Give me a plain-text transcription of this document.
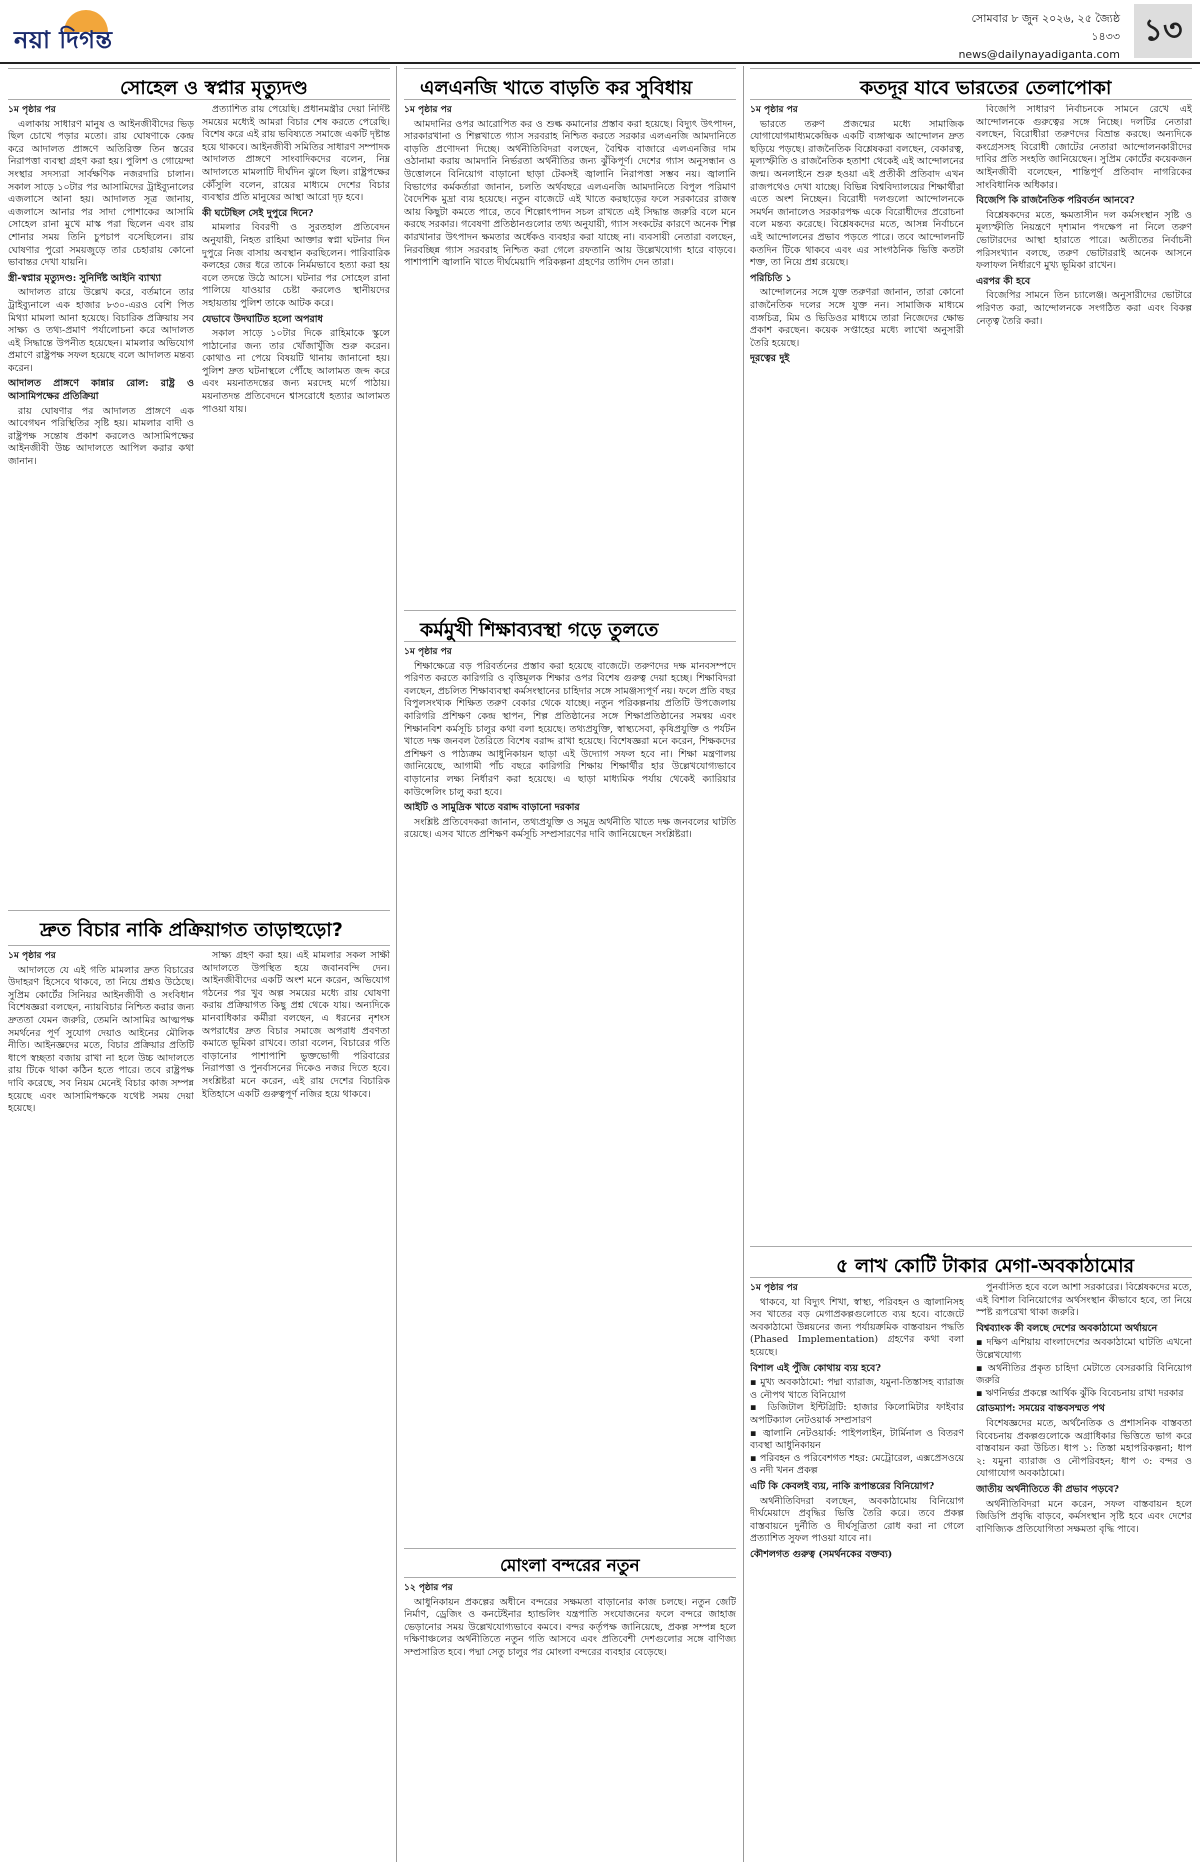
নয়া দিগন্ত
সোমবার ৮ জুন ২০২৬, ২৫ জ্যৈষ্ঠ ১৪৩৩
news@dailynayadiganta.com
১৩
সোহেল ও স্বপ্নার মৃত্যুদণ্ড
১ম পৃষ্ঠার পর

এলাকায় সাধারণ মানুষ ও আইনজীবীদের ভিড় ছিল চোখে পড়ার মতো। রায় ঘোষণাকে কেন্দ্র করে আদালত প্রাঙ্গণে অতিরিক্ত তিন স্তরের নিরাপত্তা ব্যবস্থা গ্রহণ করা হয়। পুলিশ ও গোয়েন্দা সংস্থার সদস্যরা সার্বক্ষণিক নজরদারি চালান। সকাল সাড়ে ১০টার পর আসামিদের ট্রাইব্যুনালের এজলাসে আনা হয়। আদালত সূত্র জানায়, এজলাসে আনার পর সাদা পোশাকের আসামি সোহেল রানা মুখে মাস্ক পরা ছিলেন এবং রায় শোনার সময় তিনি চুপচাপ বসেছিলেন। রায় ঘোষণার পুরো সময়জুড়ে তার চেহারায় কোনো ভাবান্তর দেখা যায়নি।

স্ত্রী-স্বপ্নার মৃত্যুদণ্ড: সুনির্দিষ্ট আইনি ব্যাখ্যা

আদালত রায়ে উল্লেখ করে, বর্তমানে তার ট্রাইব্যুনালে এক হাজার ৮৩০-এরও বেশি পিত মিথ্যা মামলা আনা হয়েছে। বিচারিক প্রক্রিয়ায় সব সাক্ষ্য ও তথ্য-প্রমাণ পর্যালোচনা করে আদালত এই সিদ্ধান্তে উপনীত হয়েছেন। মামলার অভিযোগ প্রমাণে রাষ্ট্রপক্ষ সফল হয়েছে বলে আদালত মন্তব্য করেন।

আদালত প্রাঙ্গণে কান্নার রোল: রাষ্ট্র ও আসামিপক্ষের প্রতিক্রিয়া

রায় ঘোষণার পর আদালত প্রাঙ্গণে এক আবেগঘন পরিস্থিতির সৃষ্টি হয়। মামলার বাদী ও রাষ্ট্রপক্ষ সন্তোষ প্রকাশ করলেও আসামিপক্ষের আইনজীবী উচ্চ আদালতে আপিল করার কথা জানান।

প্রত্যাশিত রায় পেয়েছি। প্রধানমন্ত্রীর দেয়া নির্দিষ্ট সময়ের মধ্যেই আমরা বিচার শেষ করতে পেরেছি। বিশেষ করে এই রায় ভবিষ্যতে সমাজে একটি দৃষ্টান্ত হয়ে থাকবে। আইনজীবী সমিতির সাধারণ সম্পাদক আদালত প্রাঙ্গণে সাংবাদিকদের বলেন, নিম্ন আদালতে মামলাটি দীর্ঘদিন ঝুলে ছিল। রাষ্ট্রপক্ষের কৌঁসুলি বলেন, রায়ের মাধ্যমে দেশের বিচার ব্যবস্থার প্রতি মানুষের আস্থা আরো দৃঢ় হবে।

কী ঘটেছিল সেই দুপুরে দিনে?

মামলার বিবরণী ও সুরতহাল প্রতিবেদন অনুযায়ী, নিহত রাহিমা আক্তার স্বপ্না ঘটনার দিন দুপুরে নিজ বাসায় অবস্থান করছিলেন। পারিবারিক কলহের জের ধরে তাকে নির্মমভাবে হত্যা করা হয় বলে তদন্তে উঠে আসে। ঘটনার পর সোহেল রানা পালিয়ে যাওয়ার চেষ্টা করলেও স্থানীয়দের সহায়তায় পুলিশ তাকে আটক করে।

যেভাবে উদঘাটিত হলো অপরাধ

সকাল সাড়ে ১০টার দিকে রাহিমাকে স্কুলে পাঠানোর জন্য তার খোঁজাখুঁজি শুরু করেন। কোথাও না পেয়ে বিষয়টি থানায় জানানো হয়। পুলিশ দ্রুত ঘটনাস্থলে পৌঁছে আলামত জব্দ করে এবং ময়নাতদন্তের জন্য মরদেহ মর্গে পাঠায়। ময়নাতদন্ত প্রতিবেদনে শ্বাসরোধে হত্যার আলামত পাওয়া যায়।

দ্রুত বিচার নাকি প্রক্রিয়াগত তাড়াহুড়ো?
১ম পৃষ্ঠার পর

আদালতে যে এই গতি মামলার দ্রুত বিচারের উদাহরণ হিসেবে থাকবে, তা নিয়ে প্রশ্নও উঠেছে। সুপ্রিম কোর্টের সিনিয়র আইনজীবী ও সংবিধান বিশেষজ্ঞরা বলছেন, ন্যায়বিচার নিশ্চিত করার জন্য দ্রুততা যেমন জরুরি, তেমনি আসামির আত্মপক্ষ সমর্থনের পূর্ণ সুযোগ দেয়াও আইনের মৌলিক নীতি। আইনজ্ঞদের মতে, বিচার প্রক্রিয়ার প্রতিটি ধাপে স্বচ্ছতা বজায় রাখা না হলে উচ্চ আদালতে রায় টিকে থাকা কঠিন হতে পারে। তবে রাষ্ট্রপক্ষ দাবি করেছে, সব নিয়ম মেনেই বিচার কাজ সম্পন্ন হয়েছে এবং আসামিপক্ষকে যথেষ্ট সময় দেয়া হয়েছে।

সাক্ষ্য গ্রহণ করা হয়। এই মামলার সকল সাক্ষী আদালতে উপস্থিত হয়ে জবানবন্দি দেন। আইনজীবীদের একটি অংশ মনে করেন, অভিযোগ গঠনের পর খুব অল্প সময়ের মধ্যে রায় ঘোষণা করায় প্রক্রিয়াগত কিছু প্রশ্ন থেকে যায়। অন্যদিকে মানবাধিকার কর্মীরা বলছেন, এ ধরনের নৃশংস অপরাধের দ্রুত বিচার সমাজে অপরাধ প্রবণতা কমাতে ভূমিকা রাখবে। তারা বলেন, বিচারের গতি বাড়ানোর পাশাপাশি ভুক্তভোগী পরিবারের নিরাপত্তা ও পুনর্বাসনের দিকেও নজর দিতে হবে। সংশ্লিষ্টরা মনে করেন, এই রায় দেশের বিচারিক ইতিহাসে একটি গুরুত্বপূর্ণ নজির হয়ে থাকবে।

এলএনজি খাতে বাড়তি কর সুবিধায়
১ম পৃষ্ঠার পর

আমদানির ওপর আরোপিত কর ও শুল্ক কমানোর প্রস্তাব করা হয়েছে। বিদ্যুৎ উৎপাদন, সারকারখানা ও শিল্পখাতে গ্যাস সরবরাহ নিশ্চিত করতে সরকার এলএনজি আমদানিতে বাড়তি প্রণোদনা দিচ্ছে। অর্থনীতিবিদরা বলছেন, বৈশ্বিক বাজারে এলএনজির দাম ওঠানামা করায় আমদানি নির্ভরতা অর্থনীতির জন্য ঝুঁকিপূর্ণ। দেশের গ্যাস অনুসন্ধান ও উত্তোলনে বিনিয়োগ বাড়ানো ছাড়া টেকসই জ্বালানি নিরাপত্তা সম্ভব নয়। জ্বালানি বিভাগের কর্মকর্তারা জানান, চলতি অর্থবছরে এলএনজি আমদানিতে বিপুল পরিমাণ বৈদেশিক মুদ্রা ব্যয় হয়েছে। নতুন বাজেটে এই খাতে করছাড়ের ফলে সরকারের রাজস্ব আয় কিছুটা কমতে পারে, তবে শিল্পোৎপাদন সচল রাখতে এই সিদ্ধান্ত জরুরি বলে মনে করছে সরকার। গবেষণা প্রতিষ্ঠানগুলোর তথ্য অনুযায়ী, গ্যাস সংকটের কারণে অনেক শিল্প কারখানার উৎপাদন ক্ষমতার অর্ধেকও ব্যবহার করা যাচ্ছে না। ব্যবসায়ী নেতারা বলছেন, নিরবচ্ছিন্ন গ্যাস সরবরাহ নিশ্চিত করা গেলে রফতানি আয় উল্লেখযোগ্য হারে বাড়বে। পাশাপাশি জ্বালানি খাতে দীর্ঘমেয়াদি পরিকল্পনা গ্রহণের তাগিদ দেন তারা।

কর্মমুখী শিক্ষাব্যবস্থা গড়ে তুলতে
১ম পৃষ্ঠার পর

শিক্ষাক্ষেত্রে বড় পরিবর্তনের প্রস্তাব করা হয়েছে বাজেটে। তরুণদের দক্ষ মানবসম্পদে পরিণত করতে কারিগরি ও বৃত্তিমূলক শিক্ষার ওপর বিশেষ গুরুত্ব দেয়া হচ্ছে। শিক্ষাবিদরা বলছেন, প্রচলিত শিক্ষাব্যবস্থা কর্মসংস্থানের চাহিদার সঙ্গে সামঞ্জস্যপূর্ণ নয়। ফলে প্রতি বছর বিপুলসংখ্যক শিক্ষিত তরুণ বেকার থেকে যাচ্ছে। নতুন পরিকল্পনায় প্রতিটি উপজেলায় কারিগরি প্রশিক্ষণ কেন্দ্র স্থাপন, শিল্প প্রতিষ্ঠানের সঙ্গে শিক্ষাপ্রতিষ্ঠানের সমন্বয় এবং শিক্ষানবিশ কর্মসূচি চালুর কথা বলা হয়েছে। তথ্যপ্রযুক্তি, স্বাস্থ্যসেবা, কৃষিপ্রযুক্তি ও পর্যটন খাতে দক্ষ জনবল তৈরিতে বিশেষ বরাদ্দ রাখা হয়েছে। বিশেষজ্ঞরা মনে করেন, শিক্ষকদের প্রশিক্ষণ ও পাঠ্যক্রম আধুনিকায়ন ছাড়া এই উদ্যোগ সফল হবে না। শিক্ষা মন্ত্রণালয় জানিয়েছে, আগামী পাঁচ বছরে কারিগরি শিক্ষায় শিক্ষার্থীর হার উল্লেখযোগ্যভাবে বাড়ানোর লক্ষ্য নির্ধারণ করা হয়েছে। এ ছাড়া মাধ্যমিক পর্যায় থেকেই ক্যারিয়ার কাউন্সেলিং চালু করা হবে।

আইটি ও সামুদ্রিক খাতে বরাদ্দ বাড়ানো দরকার

সংশ্লিষ্ট প্রতিবেদকরা জানান, তথ্যপ্রযুক্তি ও সমুদ্র অর্থনীতি খাতে দক্ষ জনবলের ঘাটতি রয়েছে। এসব খাতে প্রশিক্ষণ কর্মসূচি সম্প্রসারণের দাবি জানিয়েছেন সংশ্লিষ্টরা।

মোংলা বন্দরের নতুন
১২ পৃষ্ঠার পর

আধুনিকায়ন প্রকল্পের অধীনে বন্দরের সক্ষমতা বাড়ানোর কাজ চলছে। নতুন জেটি নির্মাণ, ড্রেজিং ও কনটেইনার হ্যান্ডলিং যন্ত্রপাতি সংযোজনের ফলে বন্দরে জাহাজ ভেড়ানোর সময় উল্লেখযোগ্যভাবে কমবে। বন্দর কর্তৃপক্ষ জানিয়েছে, প্রকল্প সম্পন্ন হলে দক্ষিণাঞ্চলের অর্থনীতিতে নতুন গতি আসবে এবং প্রতিবেশী দেশগুলোর সঙ্গে বাণিজ্য সম্প্রসারিত হবে। পদ্মা সেতু চালুর পর মোংলা বন্দরের ব্যবহার বেড়েছে।

কতদূর যাবে ভারতের তেলাপোকা
১ম পৃষ্ঠার পর

ভারতে তরুণ প্রজন্মের মধ্যে সামাজিক যোগাযোগমাধ্যমকেন্দ্রিক একটি ব্যঙ্গাত্মক আন্দোলন দ্রুত ছড়িয়ে পড়ছে। রাজনৈতিক বিশ্লেষকরা বলছেন, বেকারত্ব, মূল্যস্ফীতি ও রাজনৈতিক হতাশা থেকেই এই আন্দোলনের জন্ম। অনলাইনে শুরু হওয়া এই প্রতীকী প্রতিবাদ এখন রাজপথেও দেখা যাচ্ছে। বিভিন্ন বিশ্ববিদ্যালয়ের শিক্ষার্থীরা এতে অংশ নিচ্ছেন। বিরোধী দলগুলো আন্দোলনকে সমর্থন জানালেও সরকারপক্ষ একে বিরোধীদের প্ররোচনা বলে মন্তব্য করেছে। বিশ্লেষকদের মতে, আসন্ন নির্বাচনে এই আন্দোলনের প্রভাব পড়তে পারে। তবে আন্দোলনটি কতদিন টিকে থাকবে এবং এর সাংগঠনিক ভিত্তি কতটা শক্ত, তা নিয়ে প্রশ্ন রয়েছে।

পরিচিতি ১

আন্দোলনের সঙ্গে যুক্ত তরুণরা জানান, তারা কোনো রাজনৈতিক দলের সঙ্গে যুক্ত নন। সামাজিক মাধ্যমে ব্যঙ্গচিত্র, মিম ও ভিডিওর মাধ্যমে তারা নিজেদের ক্ষোভ প্রকাশ করছেন। কয়েক সপ্তাহের মধ্যে লাখো অনুসারী তৈরি হয়েছে।

দূরত্বের দুই

বিজেপি সাধারণ নির্বাচনকে সামনে রেখে এই আন্দোলনকে গুরুত্বের সঙ্গে নিচ্ছে। দলটির নেতারা বলছেন, বিরোধীরা তরুণদের বিভ্রান্ত করছে। অন্যদিকে কংগ্রেসসহ বিরোধী জোটের নেতারা আন্দোলনকারীদের দাবির প্রতি সংহতি জানিয়েছেন। সুপ্রিম কোর্টের কয়েকজন আইনজীবী বলেছেন, শান্তিপূর্ণ প্রতিবাদ নাগরিকের সাংবিধানিক অধিকার।

বিজেপি কি রাজনৈতিক পরিবর্তন আনবে?

বিশ্লেষকদের মতে, ক্ষমতাসীন দল কর্মসংস্থান সৃষ্টি ও মূল্যস্ফীতি নিয়ন্ত্রণে দৃশ্যমান পদক্ষেপ না নিলে তরুণ ভোটারদের আস্থা হারাতে পারে। অতীতের নির্বাচনী পরিসংখ্যান বলছে, তরুণ ভোটাররাই অনেক আসনে ফলাফল নির্ধারণে মুখ্য ভূমিকা রাখেন।

এরপর কী হবে

বিজেপির সামনে তিন চ্যালেঞ্জ। অনুসারীদের ভোটারে পরিণত করা, আন্দোলনকে সংগঠিত করা এবং বিকল্প নেতৃত্ব তৈরি করা।

৫ লাখ কোটি টাকার মেগা-অবকাঠামোর
১ম পৃষ্ঠার পর

থাকবে, যা বিদ্যুৎ শিখা, স্বাস্থ্য, পরিবহন ও জ্বালানিসহ সব খাতের বড় মেগাপ্রকল্পগুলোতে ব্যয় হবে। বাজেটে অবকাঠামো উন্নয়নের জন্য পর্যায়ক্রমিক বাস্তবায়ন পদ্ধতি (Phased Implementation) গ্রহণের কথা বলা হয়েছে।

বিশাল এই পুঁজি কোথায় ব্যয় হবে?
▪ মুখ্য অবকাঠামো: পদ্মা ব্যারাজ, যমুনা-তিস্তাসহ ব্যারাজ ও নৌপথ খাতে বিনিয়োগ
▪ ডিজিটাল ইন্টিগ্রিটি: হাজার কিলোমিটার ফাইবার অপটিক্যাল নেটওয়ার্ক সম্প্রসারণ
▪ জ্বালানি নেটওয়ার্ক: পাইপলাইন, টার্মিনাল ও বিতরণ ব্যবস্থা আধুনিকায়ন
▪ পরিবহন ও পরিবেশগত শহর: মেট্রোরেল, এক্সপ্রেসওয়ে ও নদী খনন প্রকল্প
এটি কি কেবলই ব্যয়, নাকি রূপান্তরের বিনিয়োগ?

অর্থনীতিবিদরা বলছেন, অবকাঠামোয় বিনিয়োগ দীর্ঘমেয়াদে প্রবৃদ্ধির ভিত্তি তৈরি করে। তবে প্রকল্প বাস্তবায়নে দুর্নীতি ও দীর্ঘসূত্রিতা রোধ করা না গেলে প্রত্যাশিত সুফল পাওয়া যাবে না।

কৌশলগত গুরুত্ব (সমর্থনকের বক্তব্য)

পুনর্বাসিত হবে বলে আশা সরকারের। বিশ্লেষকদের মতে, এই বিশাল বিনিয়োগের অর্থসংস্থান কীভাবে হবে, তা নিয়ে স্পষ্ট রূপরেখা থাকা জরুরি।

বিশ্বব্যাংক কী বলছে দেশের অবকাঠামো অর্থায়নে
▪ দক্ষিণ এশিয়ায় বাংলাদেশের অবকাঠামো ঘাটতি এখনো উল্লেখযোগ্য
▪ অর্থনীতির প্রকৃত চাহিদা মেটাতে বেসরকারি বিনিয়োগ জরুরি
▪ ঋণনির্ভর প্রকল্পে আর্থিক ঝুঁকি বিবেচনায় রাখা দরকার
রোডম্যাপ: সময়ের বাস্তবসম্মত পথ

বিশেষজ্ঞদের মতে, অর্থনৈতিক ও প্রশাসনিক বাস্তবতা বিবেচনায় প্রকল্পগুলোকে অগ্রাধিকার ভিত্তিতে ভাগ করে বাস্তবায়ন করা উচিত। ধাপ ১: তিস্তা মহাপরিকল্পনা; ধাপ ২: যমুনা ব্যারাজ ও নৌপরিবহন; ধাপ ৩: বন্দর ও যোগাযোগ অবকাঠামো।

জাতীয় অর্থনীতিতে কী প্রভাব পড়বে?

অর্থনীতিবিদরা মনে করেন, সফল বাস্তবায়ন হলে জিডিপি প্রবৃদ্ধি বাড়বে, কর্মসংস্থান সৃষ্টি হবে এবং দেশের বাণিজ্যিক প্রতিযোগিতা সক্ষমতা বৃদ্ধি পাবে।
